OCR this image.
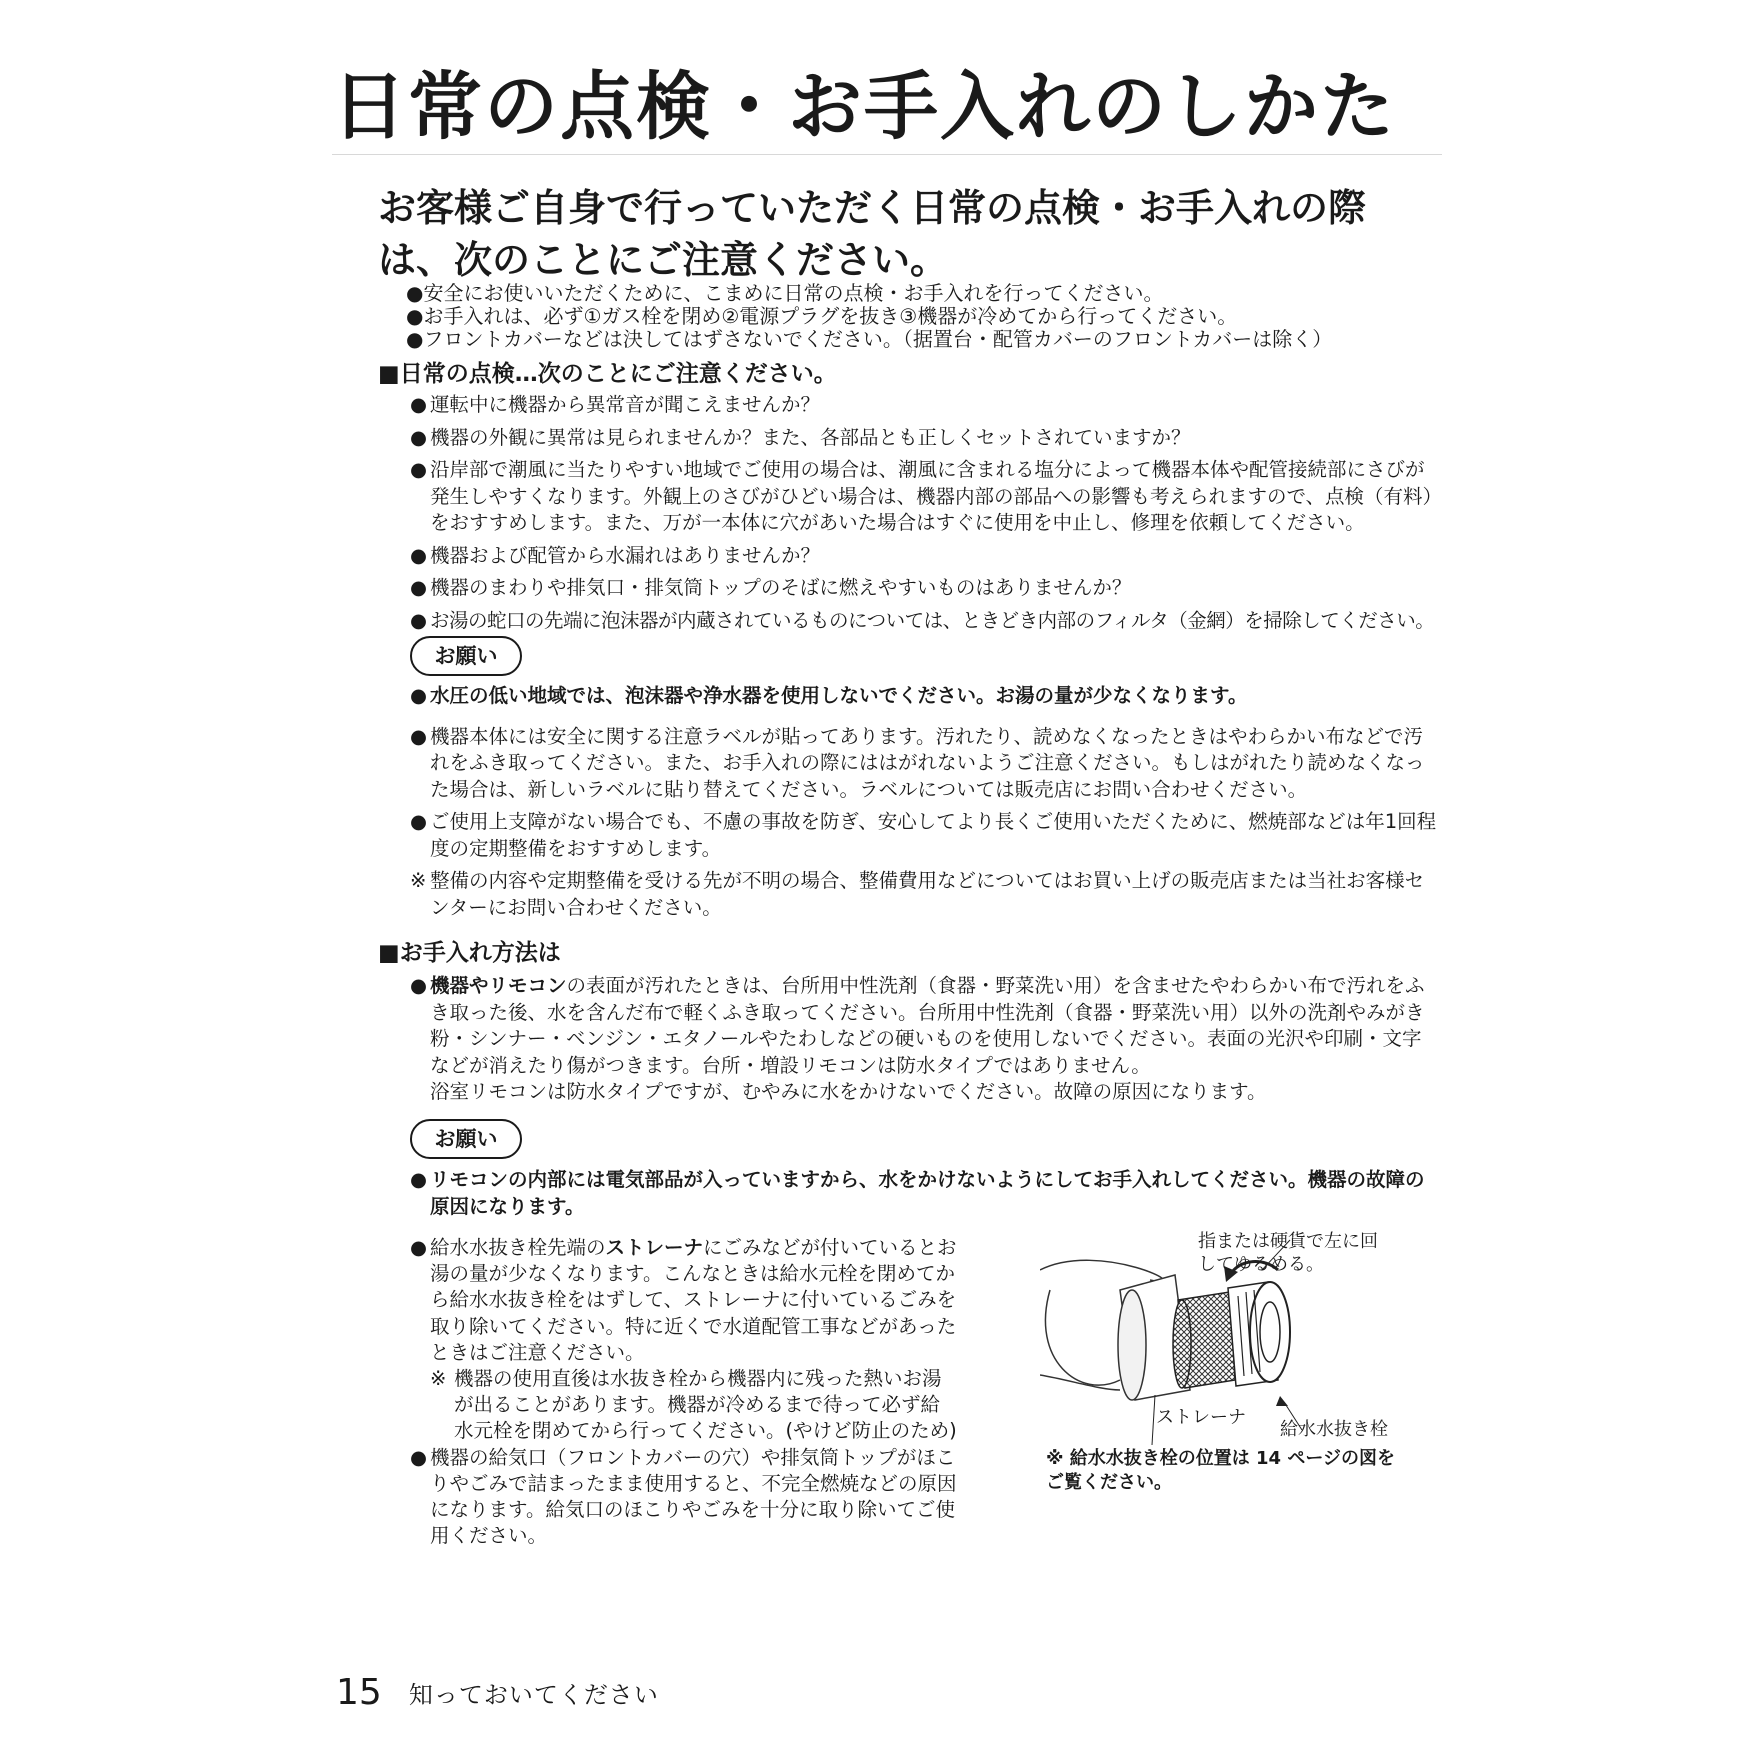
日常の点検・お手入れのしかた
お客様ご自身で行っていただく日常の点検・お手入れの際は、次のことにご注意ください。

●安全にお使いいただくために、こまめに日常の点検・お手入れを行ってください。

●お手入れは、必ず①ガス栓を閉め②電源プラグを抜き③機器が冷めてから行ってください。

●フロントカバーなどは決してはずさないでください。（据置台・配管カバーのフロントカバーは除く）

■日常の点検…次のことにご注意ください。
● 運転中に機器から異常音が聞こえませんか？
● 機器の外観に異常は見られませんか？また、各部品とも正しくセットされていますか？
● 沿岸部で潮風に当たりやすい地域でご使用の場合は、潮風に含まれる塩分によって機器本体や配管接続部にさびが発生しやすくなります。外観上のさびがひどい場合は、機器内部の部品への影響も考えられますので、点検（有料）をおすすめします。また、万が一本体に穴があいた場合はすぐに使用を中止し、修理を依頼してください。
● 機器および配管から水漏れはありませんか？
● 機器のまわりや排気口・排気筒トップのそばに燃えやすいものはありませんか？
● お湯の蛇口の先端に泡沫器が内蔵されているものについては、ときどき内部のフィルタ（金網）を掃除してください。
お願い
● 水圧の低い地域では、泡沫器や浄水器を使用しないでください。お湯の量が少なくなります。
● 機器本体には安全に関する注意ラベルが貼ってあります。汚れたり、読めなくなったときはやわらかい布などで汚れをふき取ってください。また、お手入れの際にははがれないようご注意ください。もしはがれたり読めなくなった場合は、新しいラベルに貼り替えてください。ラベルについては販売店にお問い合わせください。
● ご使用上支障がない場合でも、不慮の事故を防ぎ、安心してより長くご使用いただくために、燃焼部などは年1回程度の定期整備をおすすめします。
※ 整備の内容や定期整備を受ける先が不明の場合、整備費用などについてはお買い上げの販売店または当社お客様センターにお問い合わせください。
■お手入れ方法は
● 機器やリモコンの表面が汚れたときは、台所用中性洗剤（食器・野菜洗い用）を含ませたやわらかい布で汚れをふき取った後、水を含んだ布で軽くふき取ってください。台所用中性洗剤（食器・野菜洗い用）以外の洗剤やみがき粉・シンナー・ベンジン・エタノールやたわしなどの硬いものを使用しないでください。表面の光沢や印刷・文字などが消えたり傷がつきます。台所・増設リモコンは防水タイプではありません。
浴室リモコンは防水タイプですが、むやみに水をかけないでください。故障の原因になります。
お願い
● リモコンの内部には電気部品が入っていますから、水をかけないようにしてお手入れしてください。機器の故障の原因になります。
● 給水水抜き栓先端のストレーナにごみなどが付いているとお湯の量が少なくなります。こんなときは給水元栓を閉めてから給水水抜き栓をはずして、ストレーナに付いているごみを取り除いてください。特に近くで水道配管工事などがあったときはご注意ください。
※ 機器の使用直後は水抜き栓から機器内に残った熱いお湯が出ることがあります。機器が冷めるまで待って必ず給水元栓を閉めてから行ってください。(やけど防止のため)
● 機器の給気口（フロントカバーの穴）や排気筒トップがほこりやごみで詰まったまま使用すると、不完全燃焼などの原因になります。給気口のほこりやごみを十分に取り除いてご使用ください。
指または硬貨で左に回してゆるめる。
ストレーナ
給水水抜き栓
※ 給水水抜き栓の位置は 14 ページの図をご覧ください。
15 知っておいてください
